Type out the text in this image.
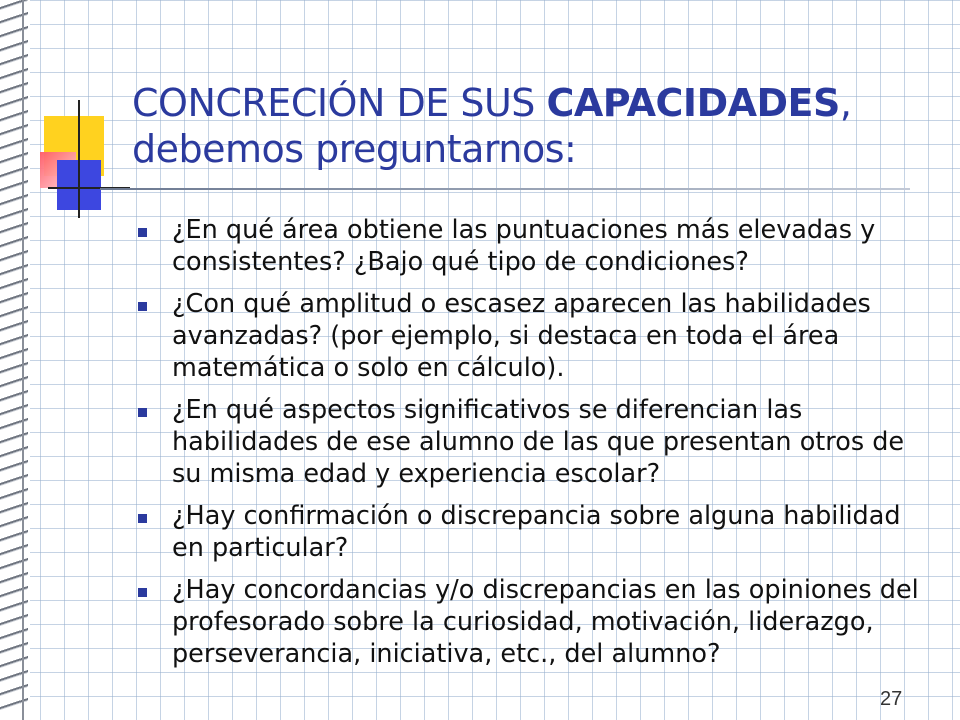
CONCRECIÓN DE SUS CAPACIDADES, debemos preguntarnos:
¿En qué área obtiene las puntuaciones más elevadas y consistentes? ¿Bajo qué tipo de condiciones?
¿Con qué amplitud o escasez aparecen las habilidades avanzadas? (por ejemplo, si destaca en toda el área matemática o solo en cálculo).
¿En qué aspectos significativos se diferencian las habilidades de ese alumno de las que presentan otros de su misma edad y experiencia escolar?
¿Hay confirmación o discrepancia sobre alguna habilidad en particular?
¿Hay concordancias y/o discrepancias en las opiniones del profesorado sobre la curiosidad, motivación, liderazgo, perseverancia, iniciativa, etc., del alumno?
27
